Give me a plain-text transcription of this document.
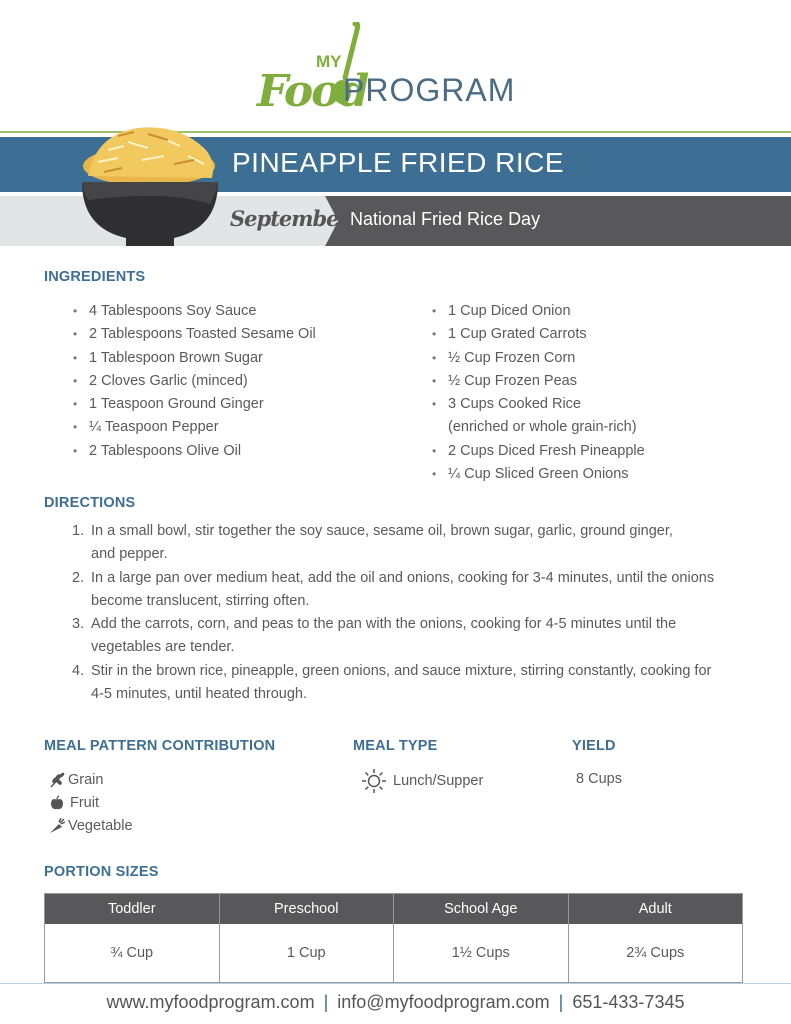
MY
Food
PROGRAM
PINEAPPLE FRIED RICE
September 20
National Fried Rice Day
INGREDIENTS
• 4 Tablespoons Soy Sauce
• 2 Tablespoons Toasted Sesame Oil
• 1 Tablespoon Brown Sugar
• 2 Cloves Garlic (minced)
• 1 Teaspoon Ground Ginger
• ¼ Teaspoon Pepper
• 2 Tablespoons Olive Oil
• 1 Cup Diced Onion
• 1 Cup Grated Carrots
• ½ Cup Frozen Corn
• ½ Cup Frozen Peas
• 3 Cups Cooked Rice
(enriched or whole grain-rich)
• 2 Cups Diced Fresh Pineapple
• ¼ Cup Sliced Green Onions
DIRECTIONS
1. In a small bowl, stir together the soy sauce, sesame oil, brown sugar, garlic, ground ginger,
and pepper.
2. In a large pan over medium heat, add the oil and onions, cooking for 3-4 minutes, until the onions
become translucent, stirring often.
3. Add the carrots, corn, and peas to the pan with the onions, cooking for 4-5 minutes until the
vegetables are tender.
4. Stir in the brown rice, pineapple, green onions, and sauce mixture, stirring constantly, cooking for
4-5 minutes, until heated through.
MEAL PATTERN CONTRIBUTION
Grain
Fruit
Vegetable
MEAL TYPE
Lunch/Supper
YIELD
8 Cups
PORTION SIZES
Toddler	Preschool	School Age	Adult
¾ Cup	1 Cup	1½ Cups	2¾ Cups
www.myfoodprogram.com | info@myfoodprogram.com | 651-433-7345
